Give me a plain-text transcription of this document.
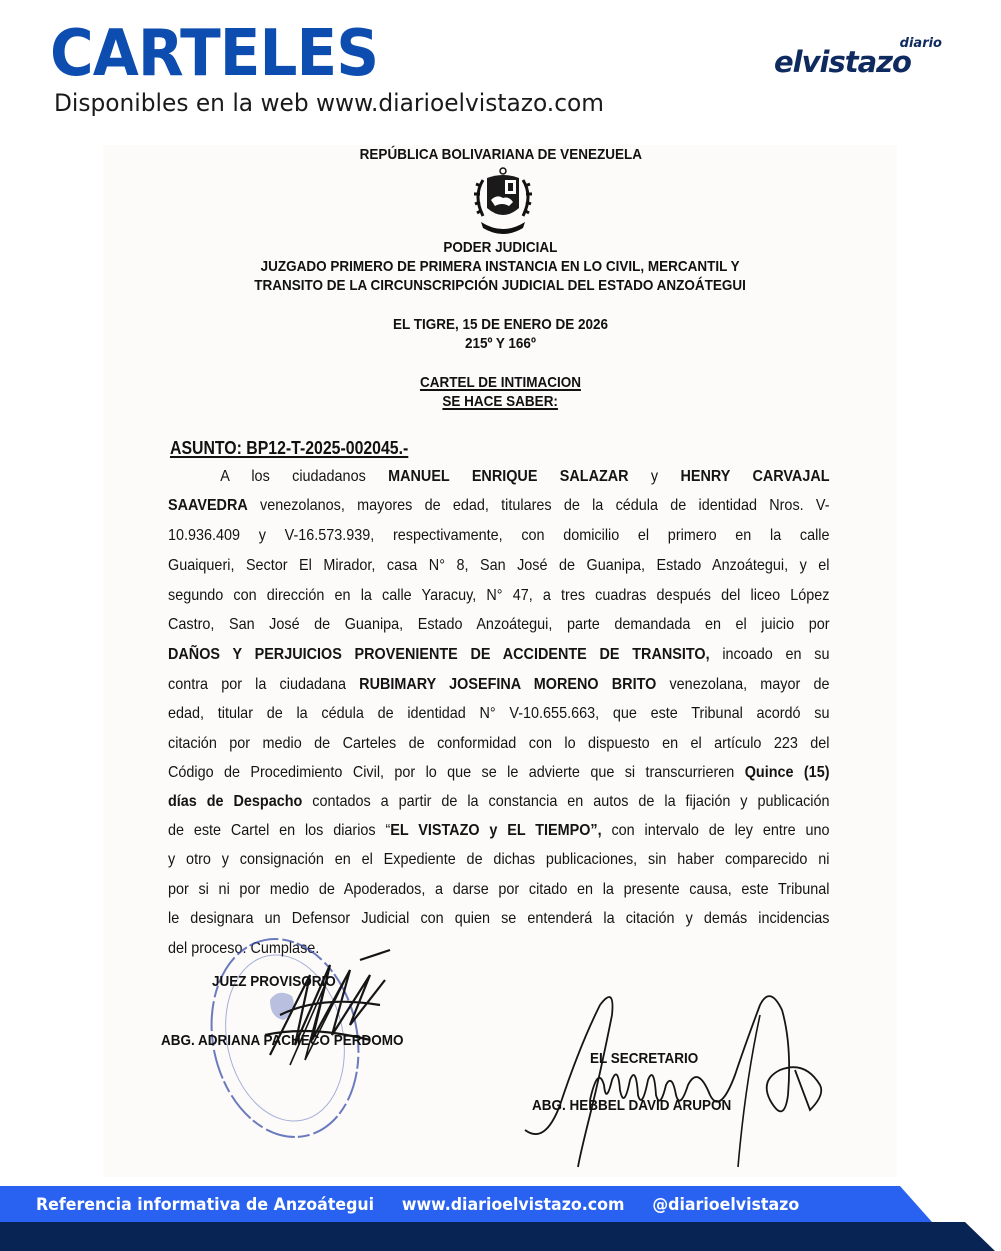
CARTELES
Disponibles en la web www.diarioelvistazo.com
diario
elvistazo
REPÚBLICA BOLIVARIANA DE VENEZUELA
PODER JUDICIAL
JUZGADO PRIMERO DE PRIMERA INSTANCIA EN LO CIVIL, MERCANTIL Y
TRANSITO DE LA CIRCUNSCRIPCIÓN JUDICIAL DEL ESTADO ANZOÁTEGUI
EL TIGRE, 15 DE ENERO DE 2026
215º Y 166º
CARTEL DE INTIMACION
SE HACE SABER:
ASUNTO: BP12-T-2025-002045.-
A los ciudadanos MANUEL ENRIQUE SALAZAR y HENRY CARVAJAL
SAAVEDRA venezolanos, mayores de edad, titulares de la cédula de identidad Nros. V-
10.936.409 y V-16.573.939, respectivamente, con domicilio el primero en la calle
Guaiqueri, Sector El Mirador, casa N° 8, San José de Guanipa, Estado Anzoátegui, y el
segundo con dirección en la calle Yaracuy, N° 47, a tres cuadras después del liceo López
Castro, San José de Guanipa, Estado Anzoátegui, parte demandada en el juicio por
DAÑOS Y PERJUICIOS PROVENIENTE DE ACCIDENTE DE TRANSITO, incoado en su
contra por la ciudadana RUBIMARY JOSEFINA MORENO BRITO venezolana, mayor de
edad, titular de la cédula de identidad N° V-10.655.663, que este Tribunal acordó su
citación por medio de Carteles de conformidad con lo dispuesto en el artículo 223 del
Código de Procedimiento Civil, por lo que se le advierte que si transcurrieren Quince (15)
días de Despacho contados a partir de la constancia en autos de la fijación y publicación
de este Cartel en los diarios “EL VISTAZO y EL TIEMPO”, con intervalo de ley entre uno
y otro y consignación en el Expediente de dichas publicaciones, sin haber comparecido ni
por si ni por medio de Apoderados, a darse por citado en la presente causa, este Tribunal
le designara un Defensor Judicial con quien se entenderá la citación y demás incidencias
del proceso. Cumplase.
JUEZ PROVISORIO
ABG. ADRIANA PACHECO PERDOMO
EL SECRETARIO
ABG. HEBBEL DAVID ARUPON
Referencia informativa de Anzoátegui www.diarioelvistazo.com @diarioelvistazo
